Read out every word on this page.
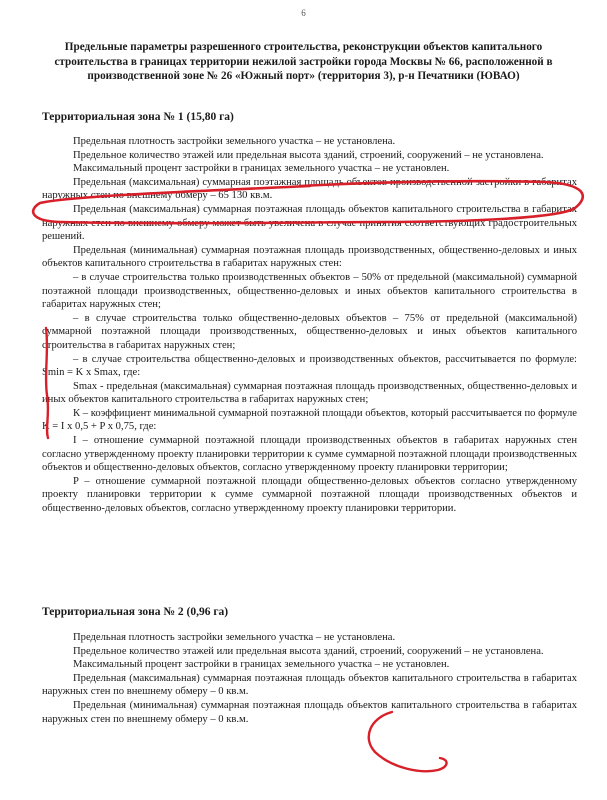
6
Предельные параметры разрешенного строительства, реконструкции объектов капитального строительства в границах территории нежилой застройки города Москвы № 66, расположенной в производственной зоне № 26 «Южный порт» (территория 3), р-н Печатники (ЮВАО)
Территориальная зона № 1 (15,80 га)

Предельная плотность застройки земельного участка – не установлена.

Предельное количество этажей или предельная высота зданий, строений, сооружений – не установлена.

Максимальный процент застройки в границах земельного участка – не установлен.

Предельная (максимальная) суммарная поэтажная площадь объектов производственной застройки в габаритах наружных стен по внешнему обмеру – 65 130 кв.м.

Предельная (максимальная) суммарная поэтажная площадь объектов капитального строительства в габаритах наружных стен по внешнему обмеру может быть увеличена в случае принятия соответствующих градостроительных решений.

Предельная (минимальная) суммарная поэтажная площадь производственных, общественно-деловых и иных объектов капитального строительства в габаритах наружных стен:

– в случае строительства только производственных объектов – 50% от предельной (максимальной) суммарной поэтажной площади производственных, общественно-деловых и иных объектов капитального строительства в габаритах наружных стен;

– в случае строительства только общественно-деловых объектов – 75% от предельной (максимальной) суммарной поэтажной площади производственных, общественно-деловых и иных объектов капитального строительства в габаритах наружных стен;

– в случае строительства общественно-деловых и производственных объектов, рассчитывается по формуле: Smin = K x Smax, где:

Smax - предельная (максимальная) суммарная поэтажная площадь производственных, общественно-деловых и иных объектов капитального строительства в габаритах наружных стен;

К – коэффициент минимальной суммарной поэтажной площади объектов, который рассчитывается по формуле K = I x 0,5 + P x 0,75, где:

I – отношение суммарной поэтажной площади производственных объектов в габаритах наружных стен согласно утвержденному проекту планировки территории к сумме суммарной поэтажной площади производственных объектов и общественно-деловых объектов, согласно утвержденному проекту планировки территории;

P – отношение суммарной поэтажной площади общественно-деловых объектов согласно утвержденному проекту планировки территории к сумме суммарной поэтажной площади производственных объектов и общественно-деловых объектов, согласно утвержденному проекту планировки территории.

Территориальная зона № 2 (0,96 га)

Предельная плотность застройки земельного участка – не установлена.

Предельное количество этажей или предельная высота зданий, строений, сооружений – не установлена.

Максимальный процент застройки в границах земельного участка – не установлен.

Предельная (максимальная) суммарная поэтажная площадь объектов капитального строительства в габаритах наружных стен по внешнему обмеру – 0 кв.м.

Предельная (минимальная) суммарная поэтажная площадь объектов капитального строительства в габаритах наружных стен по внешнему обмеру – 0 кв.м.
